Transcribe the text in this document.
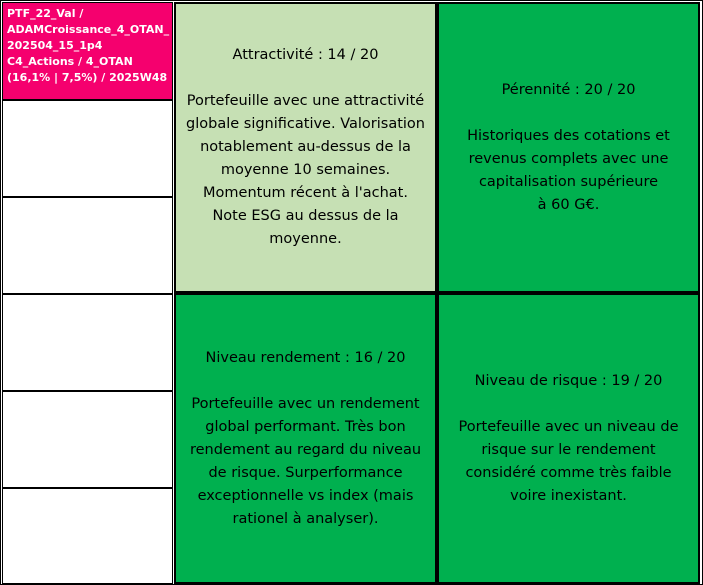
PTF_22_Val /
ADAMCroissance_4_OTAN_
202504_15_1p4
C4_Actions / 4_OTAN
(16,1% | 7,5%) / 2025W48
Attractivité : 14 / 20
Portefeuille avec une attractivité
globale significative. Valorisation
notablement au-dessus de la
moyenne 10 semaines.
Momentum récent à l'achat.
Note ESG au dessus de la
moyenne.
Pérennité : 20 / 20
Historiques des cotations et
revenus complets avec une
capitalisation supérieure
à 60 G€.
Niveau rendement : 16 / 20
Portefeuille avec un rendement
global performant. Très bon
rendement au regard du niveau
de risque. Surperformance
exceptionnelle vs index (mais
rationel à analyser).
Niveau de risque : 19 / 20
Portefeuille avec un niveau de
risque sur le rendement
considéré comme très faible
voire inexistant.
